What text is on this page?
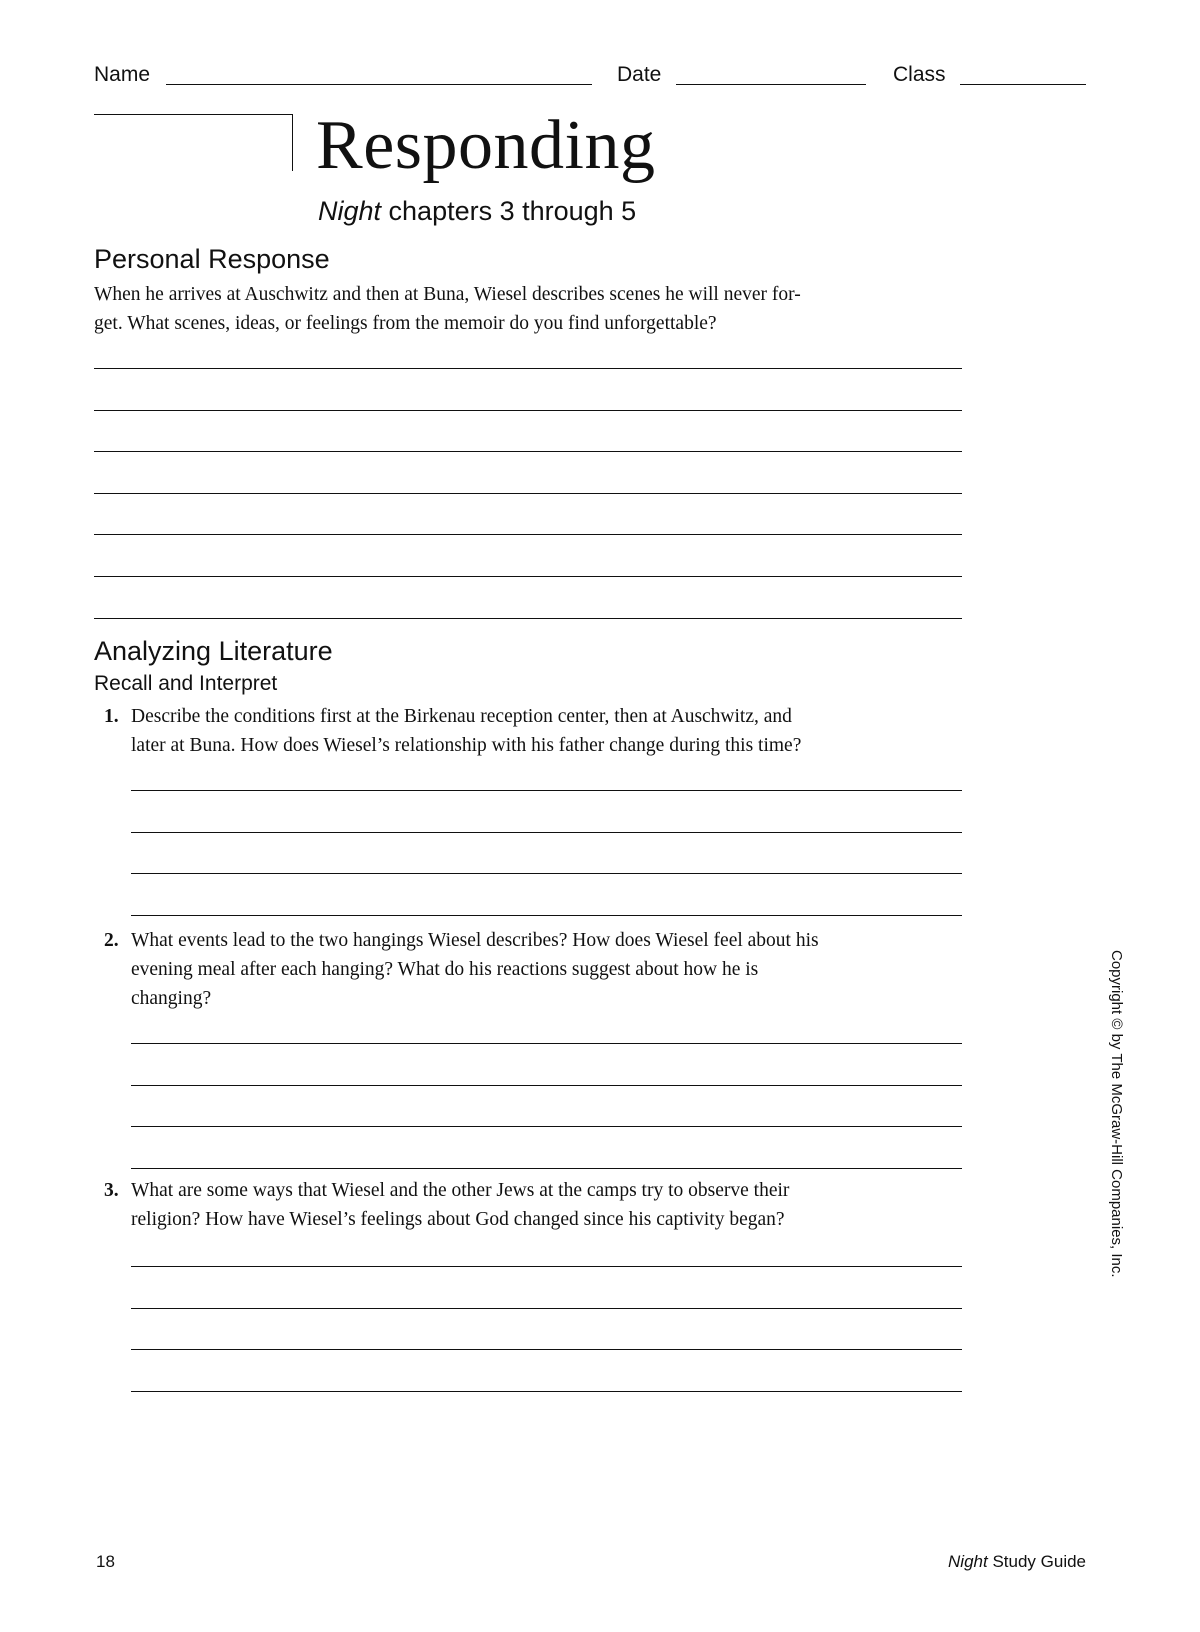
Name	Date	Class
Responding
Night chapters 3 through 5
Personal Response
When he arrives at Auschwitz and then at Buna, Wiesel describes scenes he will never for-
get. What scenes, ideas, or feelings from the memoir do you find unforgettable?
Analyzing Literature
Recall and Interpret
1. Describe the conditions first at the Birkenau reception center, then at Auschwitz, and
later at Buna. How does Wiesel’s relationship with his father change during this time?
2. What events lead to the two hangings Wiesel describes? How does Wiesel feel about his
evening meal after each hanging? What do his reactions suggest about how he is
changing?
3. What are some ways that Wiesel and the other Jews at the camps try to observe their
religion? How have Wiesel’s feelings about God changed since his captivity began?	Copyright © by The McGraw-Hill Companies, Inc.
18	Night Study Guide
